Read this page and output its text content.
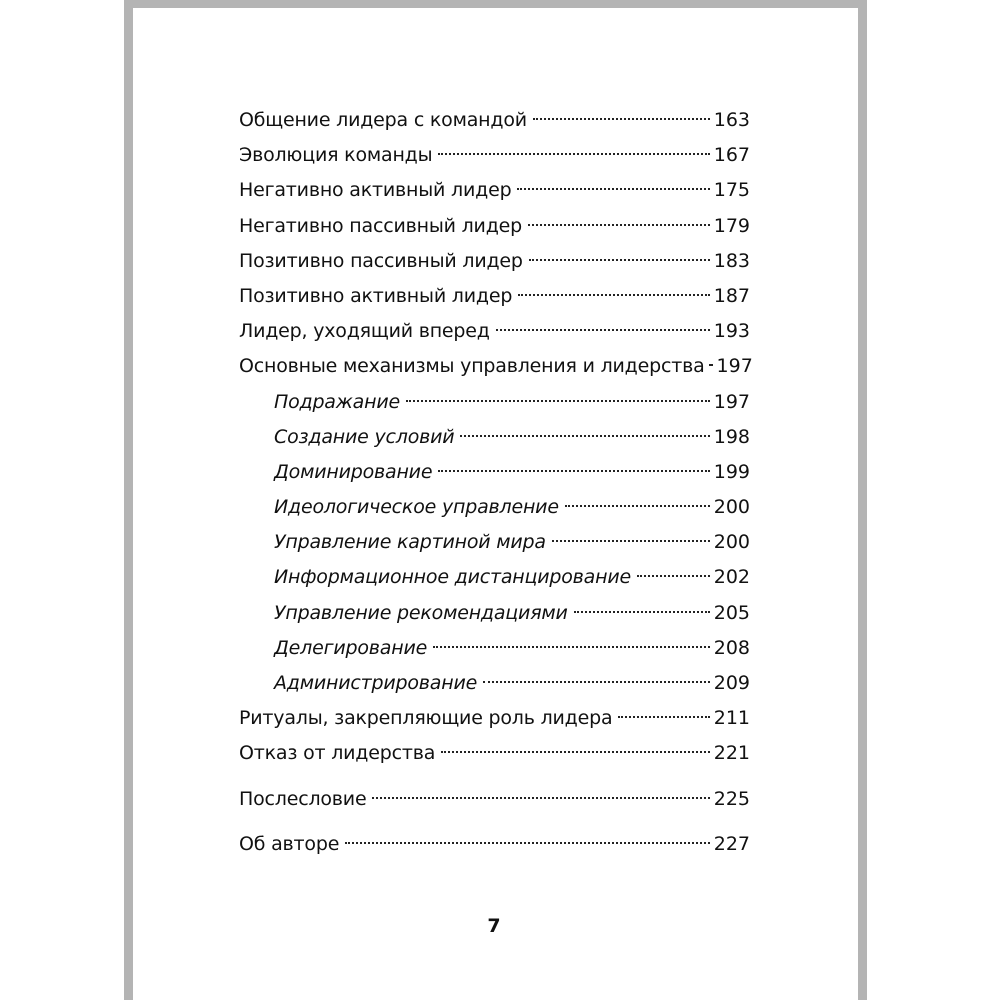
Общение лидера с командой	163
Эволюция команды	167
Негативно активный лидер	175
Негативно пассивный лидер	179
Позитивно пассивный лидер	183
Позитивно активный лидер	187
Лидер, уходящий вперед	193
Основные механизмы управления и лидерства 197
Подражание	197
Создание условий	198
Доминирование	199
Идеологическое управление	200
Управление картиной мира	200
Информационное дистанцирование	202
Управление рекомендациями	205
Делегирование	208
Администрирование	209
Ритуалы, закрепляющие роль лидера	211
Отказ от лидерства	221
Послесловие	225
Об авторе	227
7
